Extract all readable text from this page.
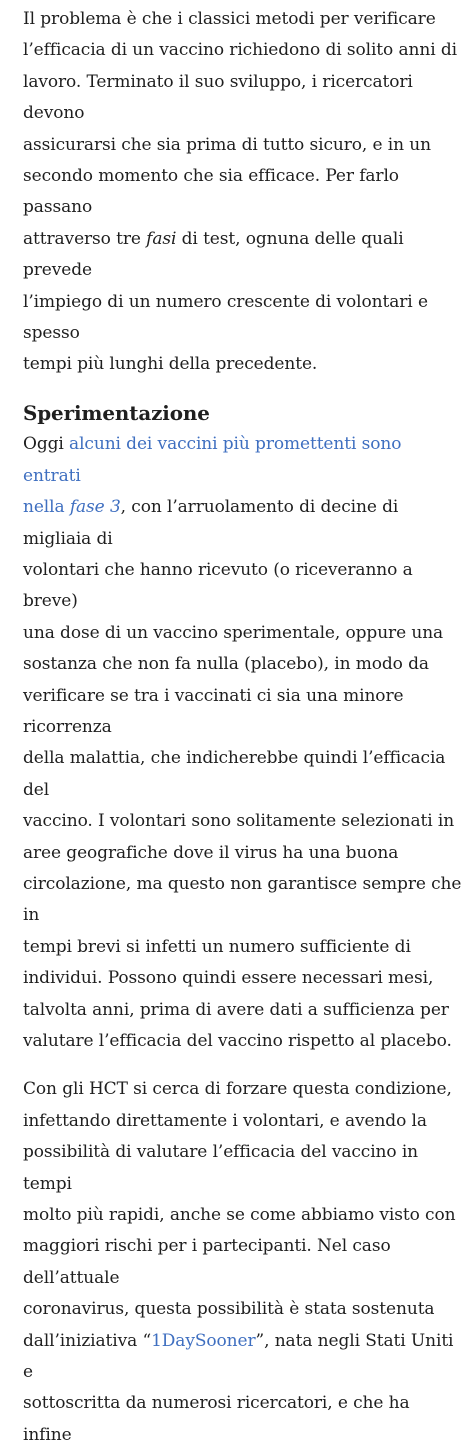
Il problema è che i classici metodi per verificare
l’efficacia di un vaccino richiedono di solito anni di
lavoro. Terminato il suo sviluppo, i ricercatori devono
assicurarsi che sia prima di tutto sicuro, e in un
secondo momento che sia efficace. Per farlo passano
attraverso tre fasi di test, ognuna delle quali prevede
l’impiego di un numero crescente di volontari e spesso
tempi più lunghi della precedente.

Sperimentazione

Oggi alcuni dei vaccini più promettenti sono entrati
nella fase 3, con l’arruolamento di decine di migliaia di
volontari che hanno ricevuto (o riceveranno a breve)
una dose di un vaccino sperimentale, oppure una
sostanza che non fa nulla (placebo), in modo da
verificare se tra i vaccinati ci sia una minore ricorrenza
della malattia, che indicherebbe quindi l’efficacia del
vaccino. I volontari sono solitamente selezionati in
aree geografiche dove il virus ha una buona
circolazione, ma questo non garantisce sempre che in
tempi brevi si infetti un numero sufficiente di
individui. Possono quindi essere necessari mesi,
talvolta anni, prima di avere dati a sufficienza per
valutare l’efficacia del vaccino rispetto al placebo.

Con gli HCT si cerca di forzare questa condizione,
infettando direttamente i volontari, e avendo la
possibilità di valutare l’efficacia del vaccino in tempi
molto più rapidi, anche se come abbiamo visto con
maggiori rischi per i partecipanti. Nel caso dell’attuale
coronavirus, questa possibilità è stata sostenuta
dall’iniziativa “1DaySooner”, nata negli Stati Uniti e
sottoscritta da numerosi ricercatori, e che ha infine
